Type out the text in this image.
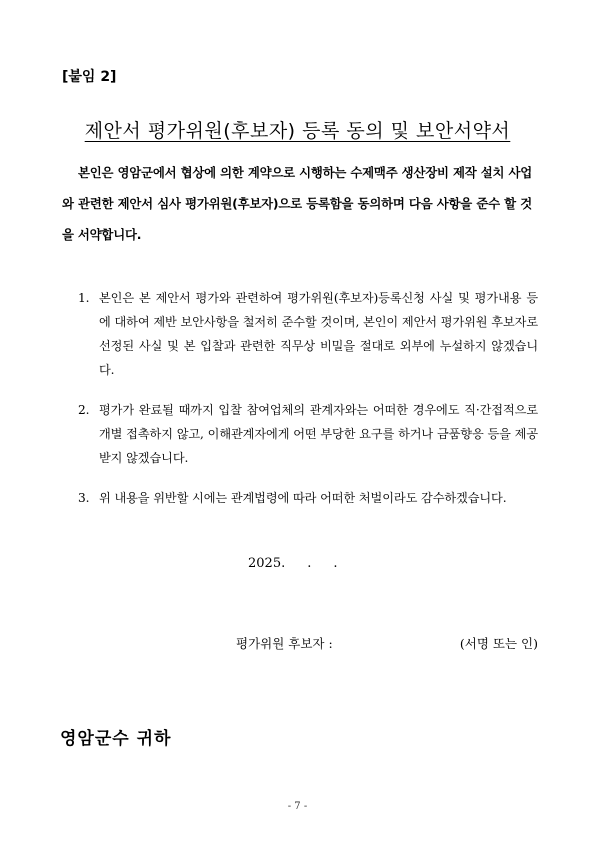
[붙임 2]
제안서 평가위원(후보자) 등록 동의 및 보안서약서
본인은 영암군에서 협상에 의한 계약으로 시행하는 수제맥주 생산장비 제작 설치 사업와 관련한 제안서 심사 평가위원(후보자)으로 등록함을 동의하며 다음 사항을 준수 할 것을 서약합니다.
1. 본인은 본 제안서 평가와 관련하여 평가위원(후보자)등록신청 사실 및 평가내용 등에 대하여 제반 보안사항을 철저히 준수할 것이며, 본인이 제안서 평가위원 후보자로 선정된 사실 및 본 입찰과 관련한 직무상 비밀을 절대로 외부에 누설하지 않겠습니다.
2. 평가가 완료될 때까지 입찰 참여업체의 관계자와는 어떠한 경우에도 직·간접적으로 개별 접촉하지 않고, 이해관계자에게 어떤 부당한 요구를 하거나 금품향응 등을 제공받지 않겠습니다.
3. 위 내용을 위반할 시에는 관계법령에 따라 어떠한 처벌이라도 감수하겠습니다.
2025. . .
평가위원 후보자 :	(서명 또는 인)
영암군수 귀하
- 7 -
